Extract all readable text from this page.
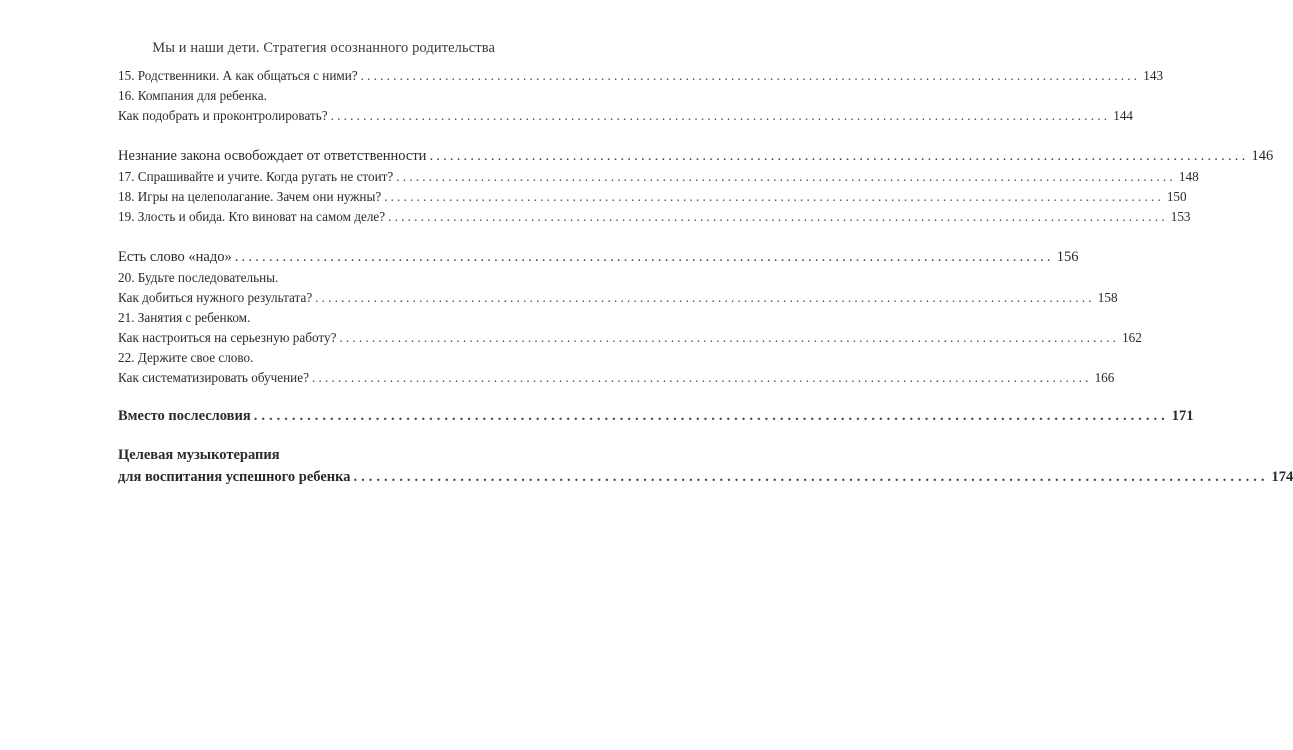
Мы и наши дети. Стратегия осознанного родительства
15. Родственники. А как общаться с ними? ........................................................................................................................ 143
16. Компания для ребенка.
Как подобрать и проконтролировать? ........................................................................................................................ 144
Незнание закона освобождает от ответственности ........................................................................................................................ 146
17. Спрашивайте и учите. Когда ругать не стоит? ........................................................................................................................ 148
18. Игры на целеполагание. Зачем они нужны? ........................................................................................................................ 150
19. Злость и обида. Кто виноват на самом деле? ........................................................................................................................ 153
Есть слово «надо» ........................................................................................................................ 156
20. Будьте последовательны.
Как добиться нужного результата? ........................................................................................................................ 158
21. Занятия с ребенком.
Как настроиться на серьезную работу? ........................................................................................................................ 162
22. Держите свое слово.
Как систематизировать обучение? ........................................................................................................................ 166
Вместо послесловия ........................................................................................................................ 171
Целевая музыкотерапия
для воспитания успешного ребенка ........................................................................................................................ 174
